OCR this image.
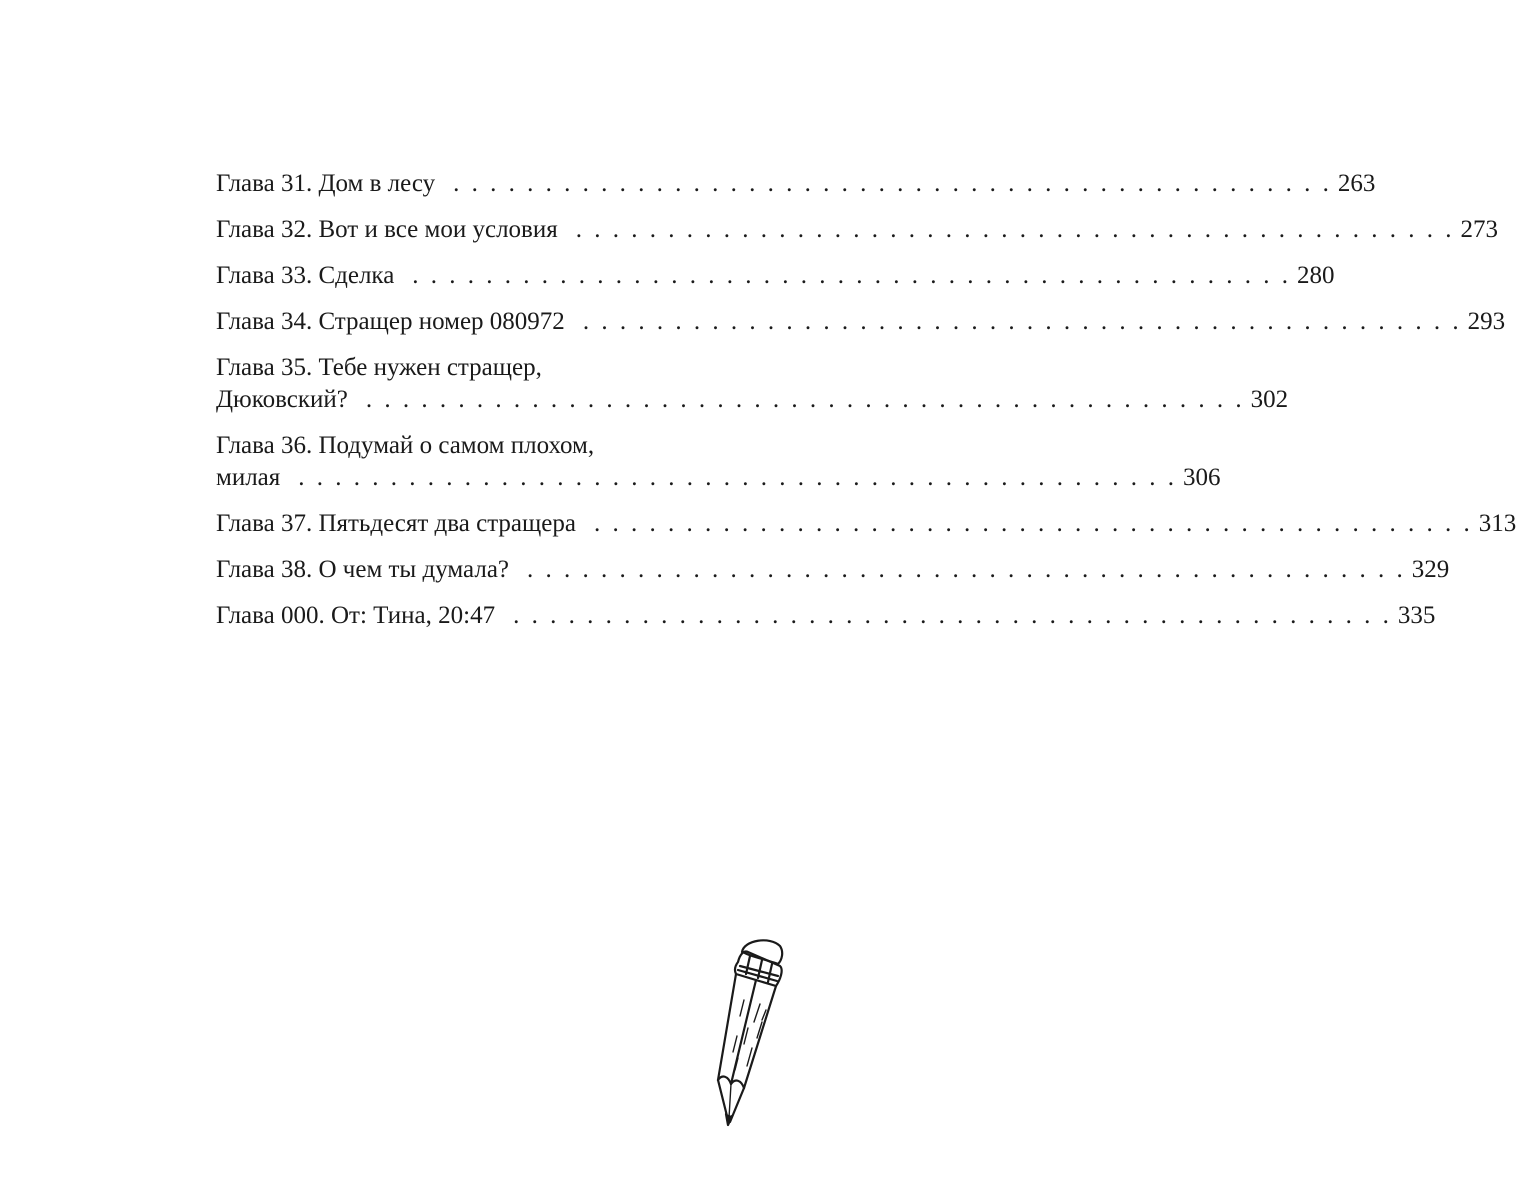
Глава 31. Дом в лесу . . . . . . . . . . . . . . . . . . . . . . . . . . . . . . . . . . . . . . . . . . . . . . . . 263
Глава 32. Вот и все мои условия . . . . . . . . . . . . . . . . . . . . . . . . . . . . . . . . . . . . . . . . . . . . . . . . 273
Глава 33. Сделка . . . . . . . . . . . . . . . . . . . . . . . . . . . . . . . . . . . . . . . . . . . . . . . . 280
Глава 34. Стращер номер 080972 . . . . . . . . . . . . . . . . . . . . . . . . . . . . . . . . . . . . . . . . . . . . . . . . 293
Глава 35. Тебе нужен стращер,
Дюковский? . . . . . . . . . . . . . . . . . . . . . . . . . . . . . . . . . . . . . . . . . . . . . . . . 302
Глава 36. Подумай о самом плохом,
милая . . . . . . . . . . . . . . . . . . . . . . . . . . . . . . . . . . . . . . . . . . . . . . . . 306
Глава 37. Пятьдесят два стращера . . . . . . . . . . . . . . . . . . . . . . . . . . . . . . . . . . . . . . . . . . . . . . . . 313
Глава 38. О чем ты думала? . . . . . . . . . . . . . . . . . . . . . . . . . . . . . . . . . . . . . . . . . . . . . . . . 329
Глава 000. От: Тина, 20:47 . . . . . . . . . . . . . . . . . . . . . . . . . . . . . . . . . . . . . . . . . . . . . . . . 335
